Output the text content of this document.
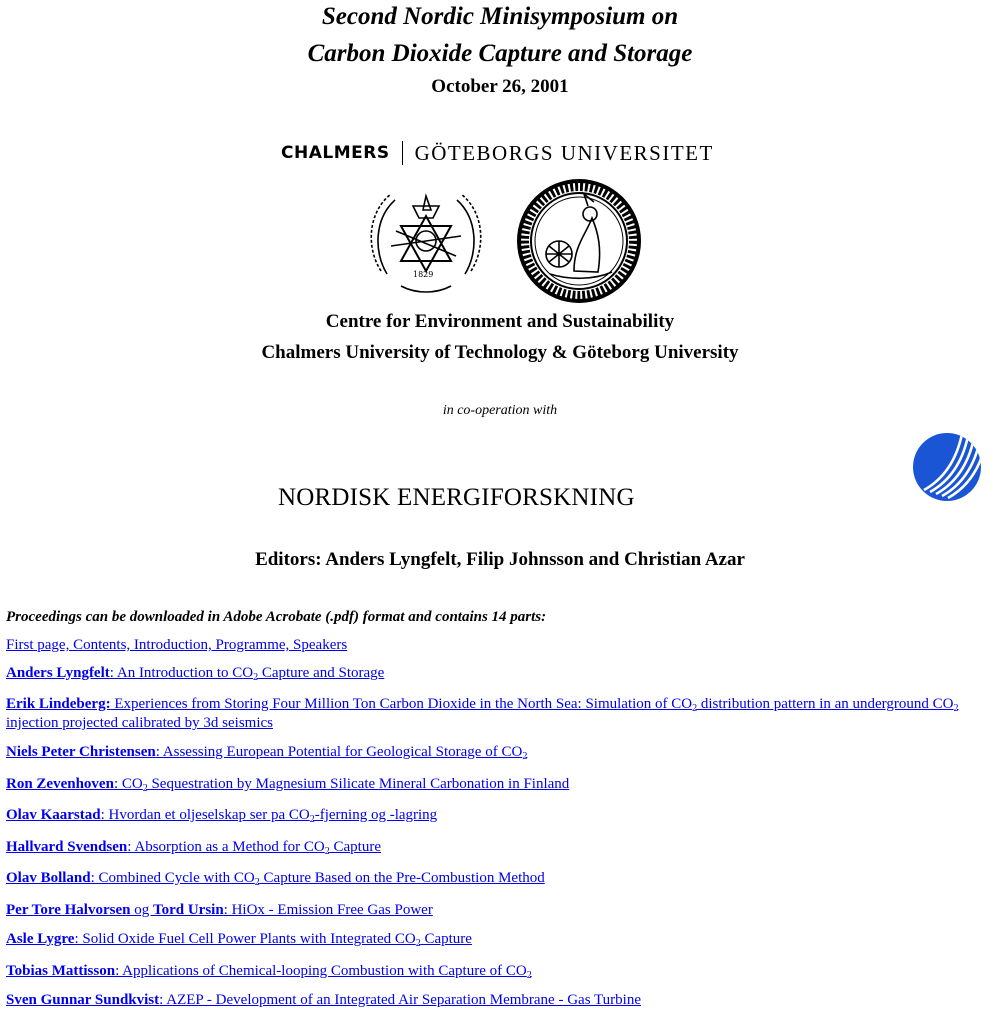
Second Nordic Minisymposium on
Carbon Dioxide Capture and Storage
October 26, 2001
CHALMERS GÖTEBORGS UNIVERSITET
1829
Centre for Environment and Sustainability
Chalmers University of Technology & Göteborg University
in co-operation with
NORDISK ENERGIFORSKNING
Editors: Anders Lyngfelt, Filip Johnsson and Christian Azar
Proceedings can be downloaded in Adobe Acrobate (.pdf) format and contains 14 parts:
First page, Contents, Introduction, Programme, Speakers
Anders Lyngfelt: An Introduction to $CO_2$ Capture and Storage
Erik Lindeberg: Experiences from Storing Four Million Ton Carbon Dioxide in the North Sea: Simulation of $CO_2$ distribution pattern in an underground $CO_2$ injection projected calibrated by 3d seismics
Niels Peter Christensen: Assessing European Potential for Geological Storage of $CO_2$
Ron Zevenhoven: $CO_2$ Sequestration by Magnesium Silicate Mineral Carbonation in Finland
Olav Kaarstad: Hvordan et oljeselskap ser pa $CO_2$-fjerning og -lagring
Hallvard Svendsen: Absorption as a Method for $CO_2$ Capture
Olav Bolland: Combined Cycle with $CO_2$ Capture Based on the Pre-Combustion Method
Per Tore Halvorsen og Tord Ursin: HiOx - Emission Free Gas Power
Asle Lygre: Solid Oxide Fuel Cell Power Plants with Integrated $CO_2$ Capture
Tobias Mattisson: Applications of Chemical-looping Combustion with Capture of $CO_2$
Sven Gunnar Sundkvist: AZEP - Development of an Integrated Air Separation Membrane - Gas Turbine
